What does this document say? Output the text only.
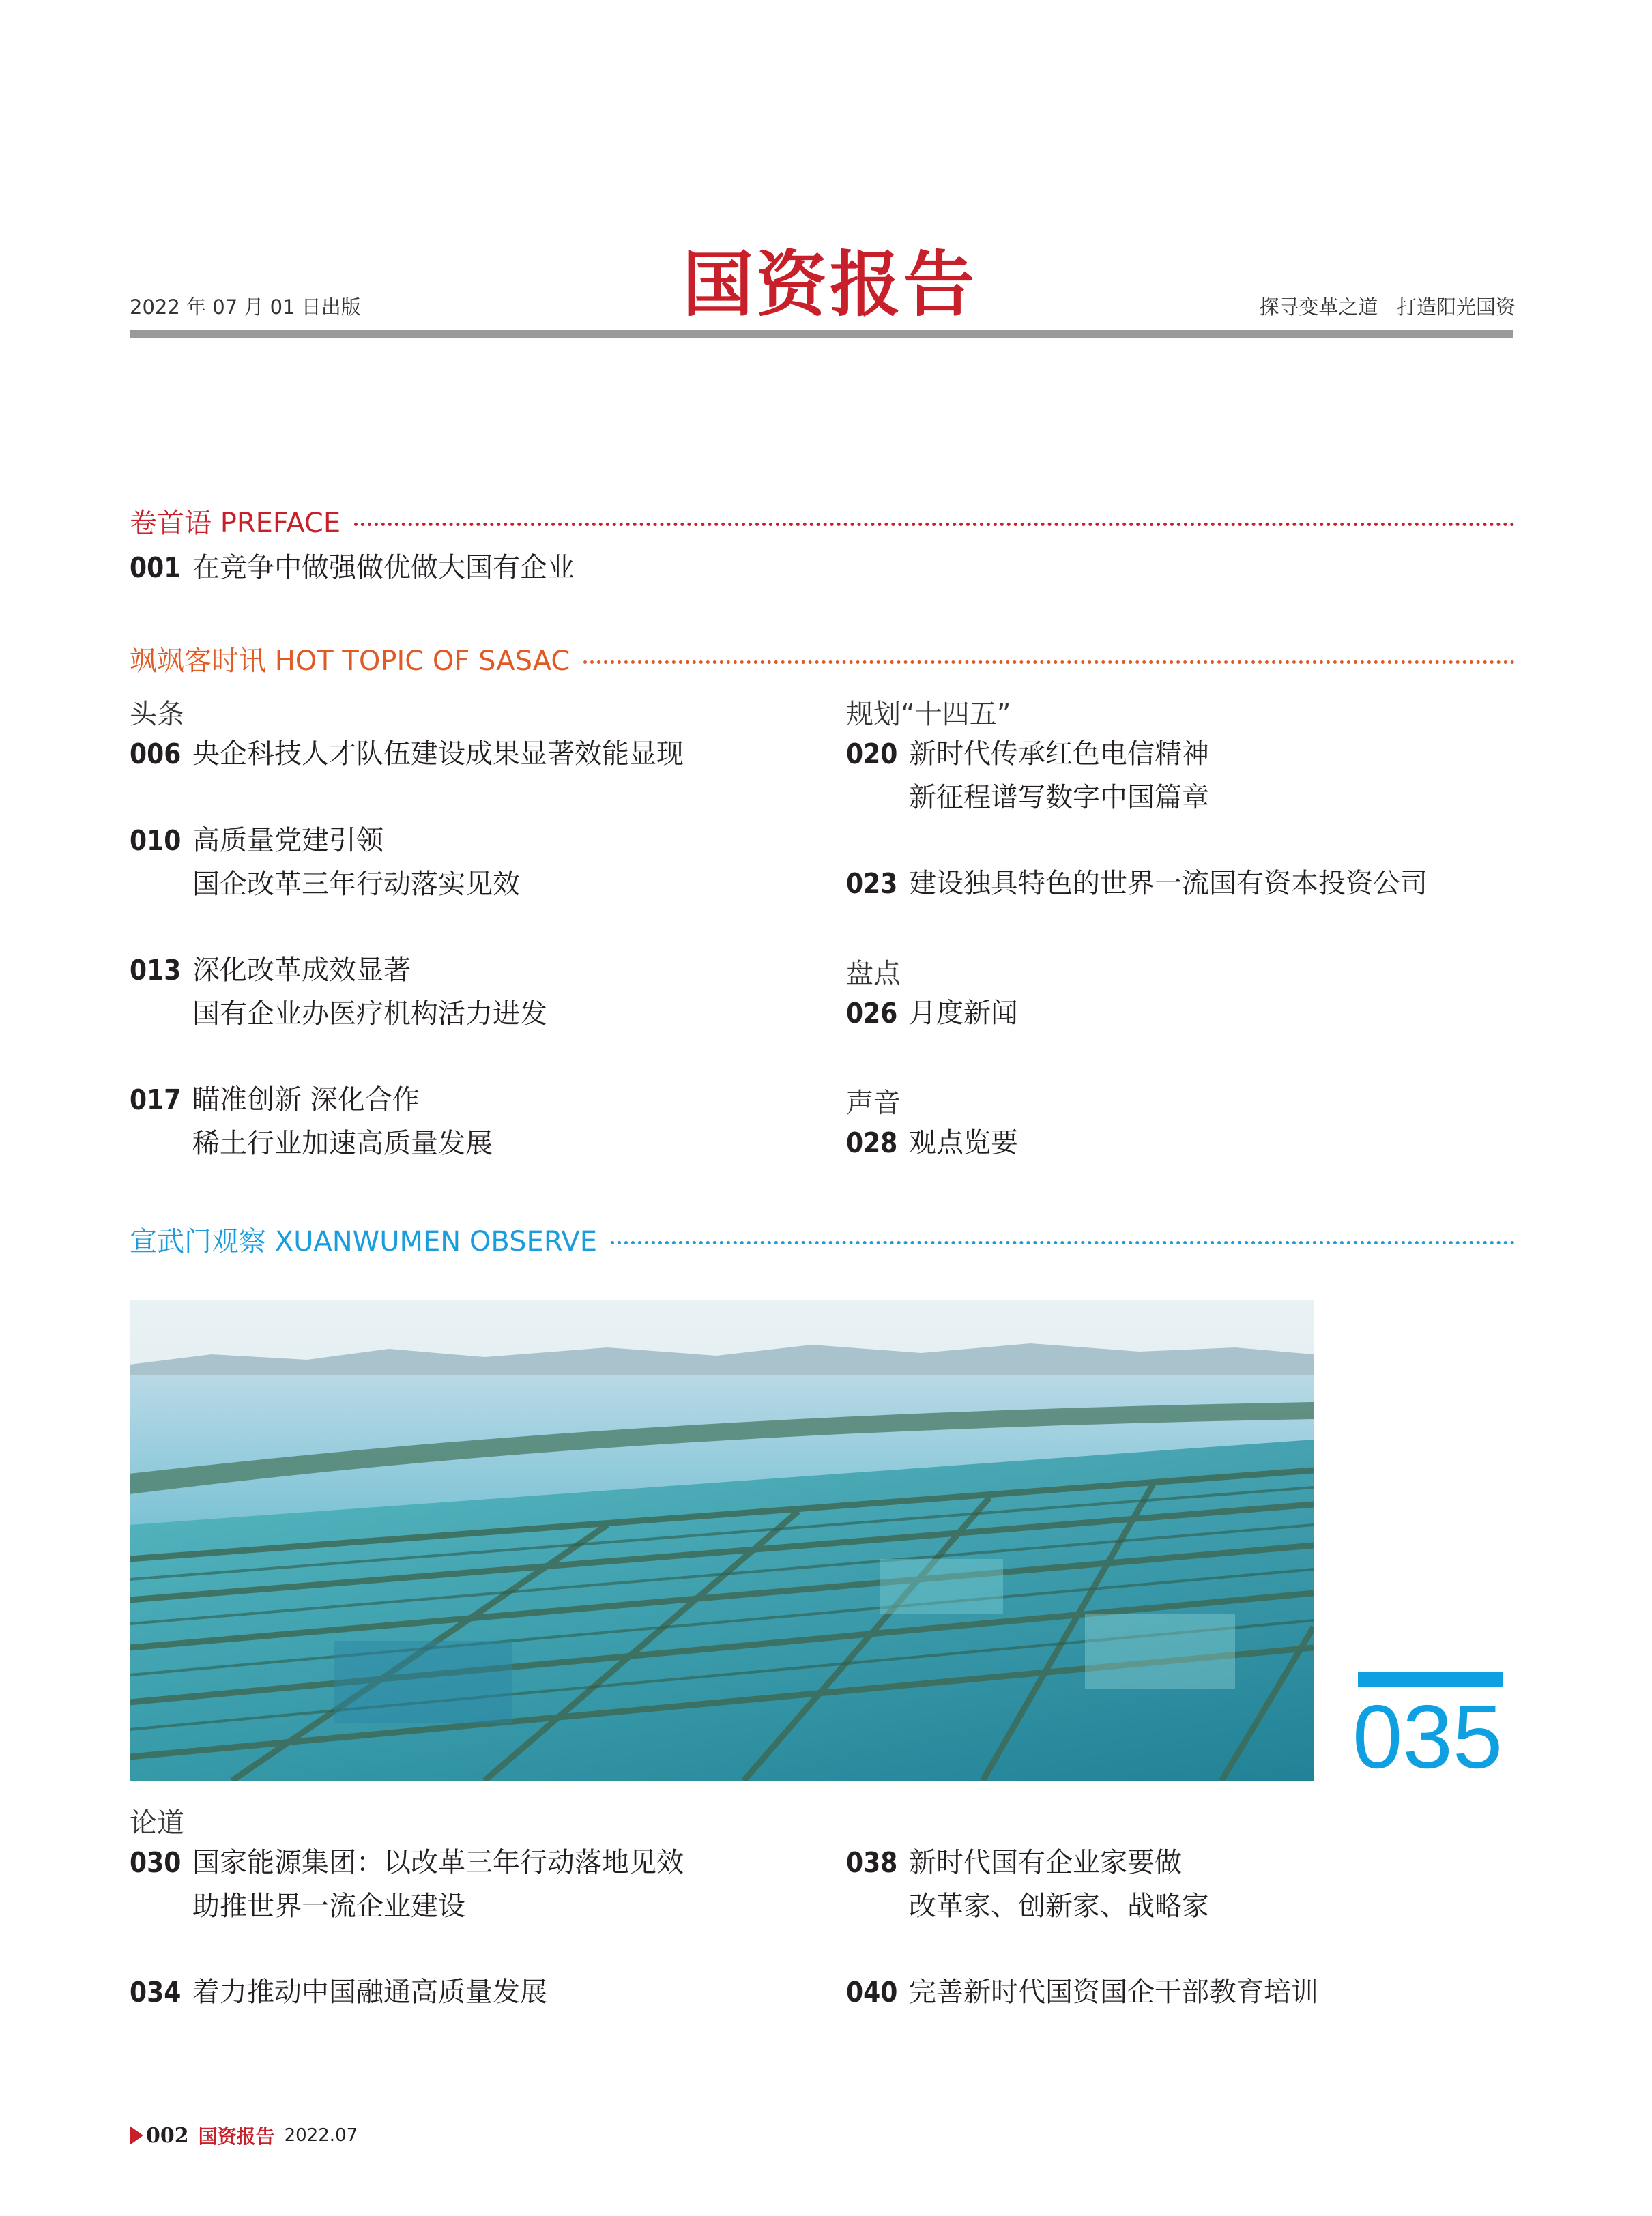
2022 年 07 月 01 日出版	国资报告	探寻变革之道   打造阳光国资
卷首语 PREFACE
001 在竞争中做强做优做大国有企业
飒飒客时讯 HOT TOPIC OF SASAC
头条
006 央企科技人才队伍建设成果显著效能显现
010 高质量党建引领
国企改革三年行动落实见效
013 深化改革成效显著
国有企业办医疗机构活力进发
017 瞄准创新 深化合作
稀土行业加速高质量发展
规划“十四五”
020 新时代传承红色电信精神
新征程谱写数字中国篇章
023 建设独具特色的世界一流国有资本投资公司
盘点
026 月度新闻
声音
028 观点览要
宣武门观察 XUANWUMEN OBSERVE
035
论道
030 国家能源集团：以改革三年行动落地见效
助推世界一流企业建设
034 着力推动中国融通高质量发展
038 新时代国有企业家要做
改革家、创新家、战略家
040 完善新时代国资国企干部教育培训
002 国资报告 2022.07
